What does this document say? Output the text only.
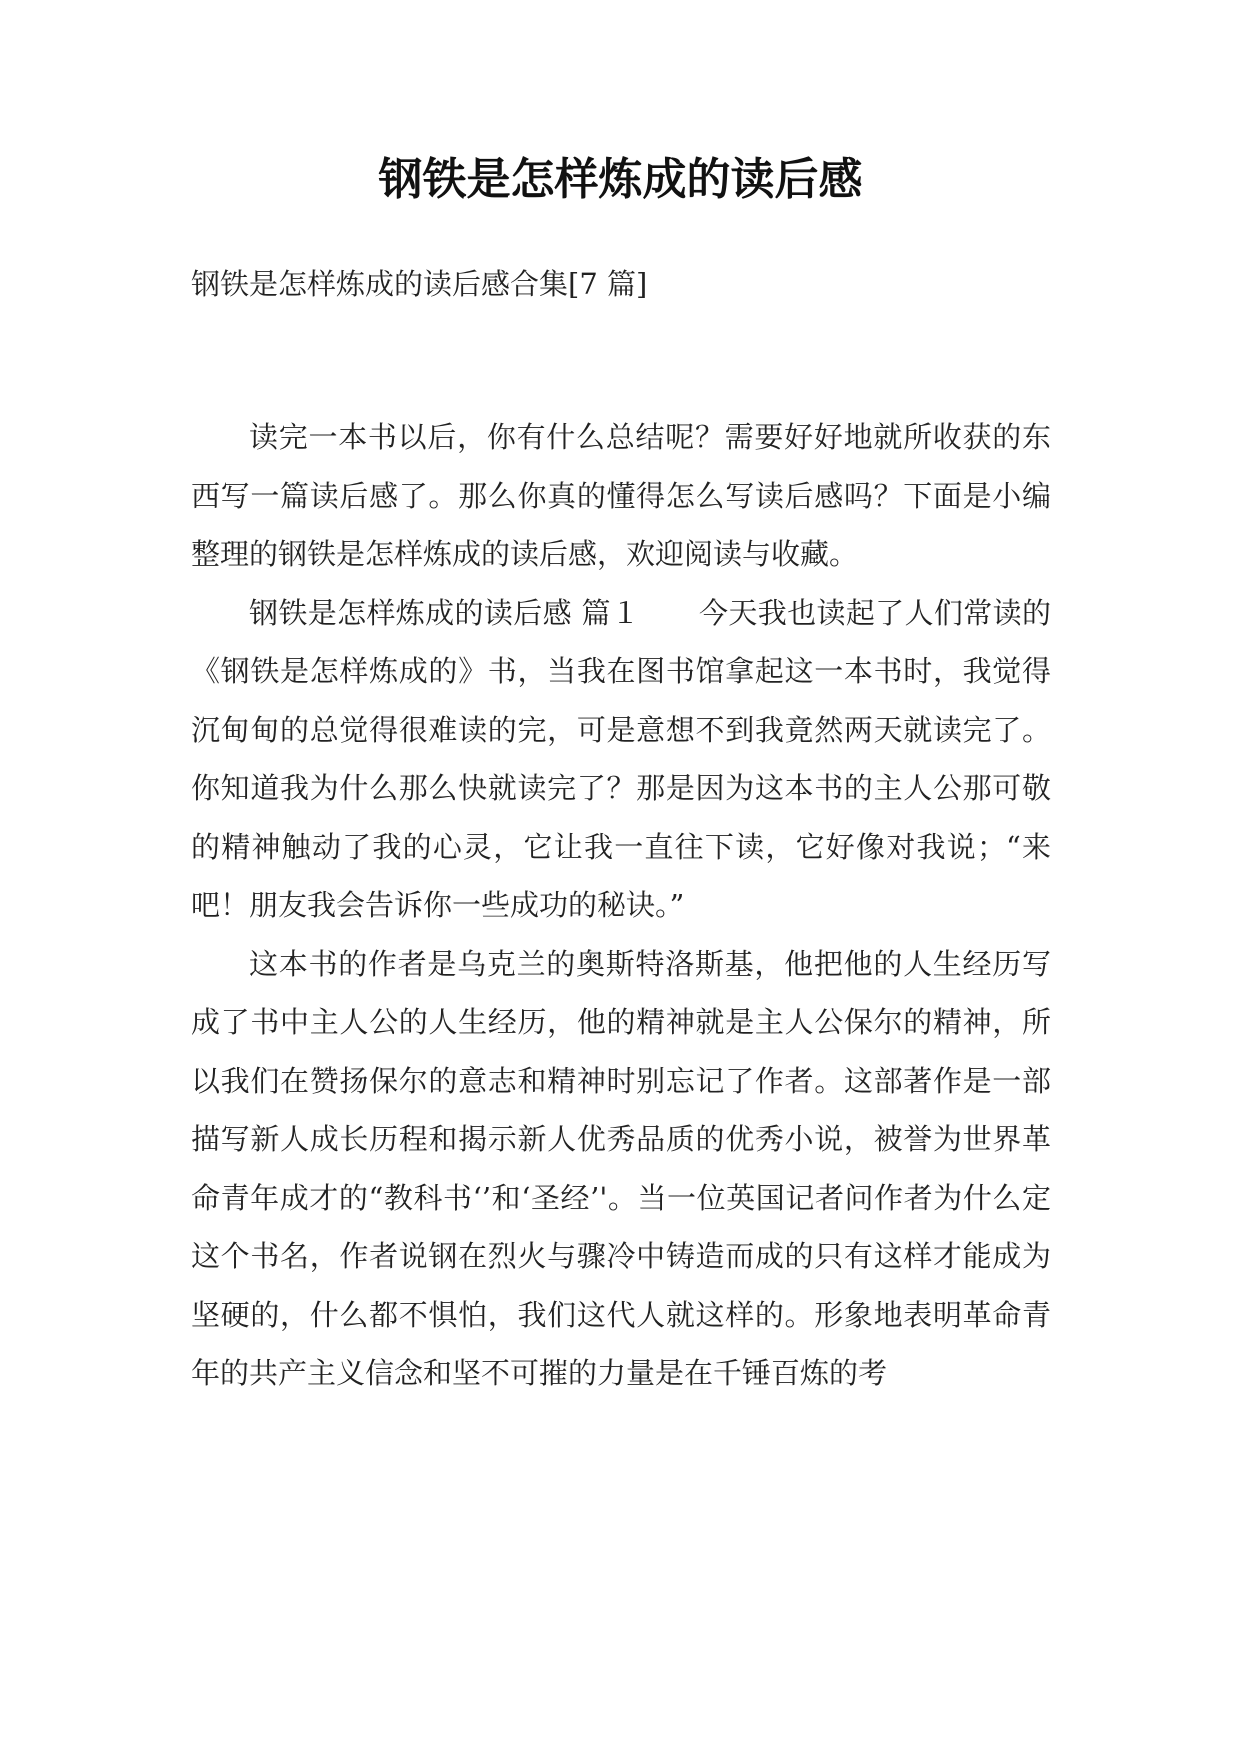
钢铁是怎样炼成的读后感
钢铁是怎样炼成的读后感合集[7 篇]

读完一本书以后，你有什么总结呢？需要好好地就所收获的东西写一篇读后感了。那么你真的懂得怎么写读后感吗？下面是小编整理的钢铁是怎样炼成的读后感，欢迎阅读与收藏。

钢铁是怎样炼成的读后感 篇１　　今天我也读起了人们常读的《钢铁是怎样炼成的》书，当我在图书馆拿起这一本书时，我觉得沉甸甸的总觉得很难读的完，可是意想不到我竟然两天就读完了。你知道我为什么那么快就读完了？那是因为这本书的主人公那可敬的精神触动了我的心灵，它让我一直往下读，它好像对我说；“来吧！朋友我会告诉你一些成功的秘诀。”

这本书的作者是乌克兰的奥斯特洛斯基，他把他的人生经历写成了书中主人公的人生经历，他的精神就是主人公保尔的精神，所以我们在赞扬保尔的意志和精神时别忘记了作者。这部著作是一部描写新人成长历程和揭示新人优秀品质的优秀小说，被誉为世界革命青年成才的“教科书‘’和‘圣经’'。当一位英国记者问作者为什么定这个书名，作者说钢在烈火与骤冷中铸造而成的只有这样才能成为坚硬的，什么都不惧怕，我们这代人就这样的。形象地表明革命青年的共产主义信念和坚不可摧的力量是在千锤百炼的考
